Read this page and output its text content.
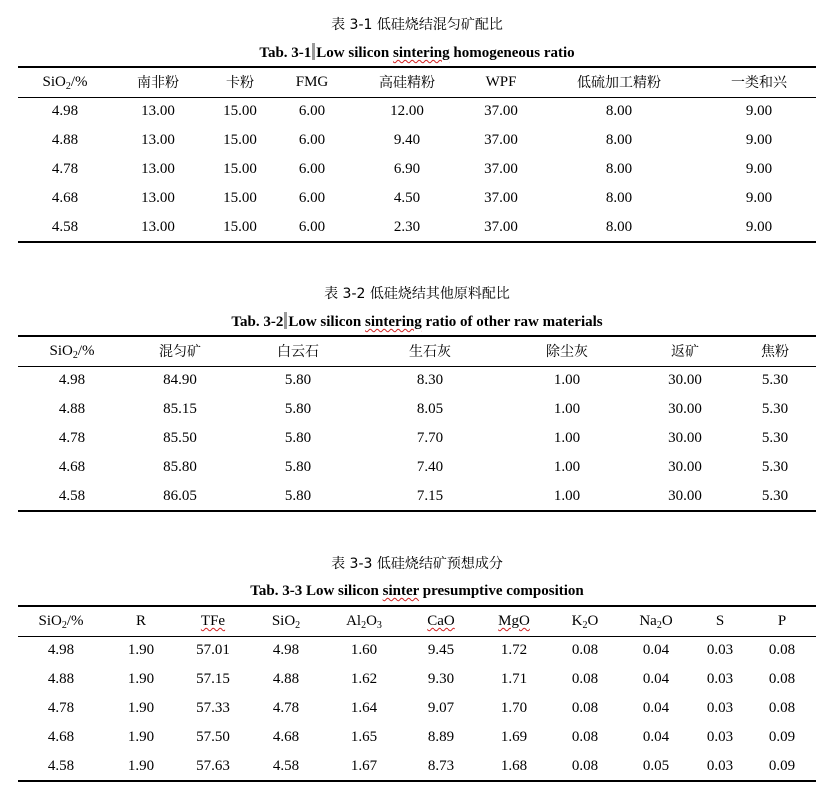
表 3-1 低硅烧结混匀矿配比
Tab. 3-1 Low silicon sintering homogeneous ratio
SiO$_2$/%	南非粉	卡粉	FMG	高硅精粉	WPF	低硫加工精粉	一类和兴
4.98	13.00	15.00	6.00	12.00	37.00	8.00	9.00
4.88	13.00	15.00	6.00	9.40	37.00	8.00	9.00
4.78	13.00	15.00	6.00	6.90	37.00	8.00	9.00
4.68	13.00	15.00	6.00	4.50	37.00	8.00	9.00
4.58	13.00	15.00	6.00	2.30	37.00	8.00	9.00
表 3-2 低硅烧结其他原料配比
Tab. 3-2 Low silicon sintering ratio of other raw materials
SiO$_2$/%	混匀矿	白云石	生石灰	除尘灰	返矿	焦粉
4.98	84.90	5.80	8.30	1.00	30.00	5.30
4.88	85.15	5.80	8.05	1.00	30.00	5.30
4.78	85.50	5.80	7.70	1.00	30.00	5.30
4.68	85.80	5.80	7.40	1.00	30.00	5.30
4.58	86.05	5.80	7.15	1.00	30.00	5.30
表 3-3 低硅烧结矿预想成分
Tab. 3-3 Low silicon sinter presumptive composition
SiO$_2$/%	R	TFe	SiO$_2$	$Al_2O_3$	CaO	MgO	$K_2O$	$Na_2O$	S	P
4.98	1.90	57.01	4.98	1.60	9.45	1.72	0.08	0.04	0.03	0.08
4.88	1.90	57.15	4.88	1.62	9.30	1.71	0.08	0.04	0.03	0.08
4.78	1.90	57.33	4.78	1.64	9.07	1.70	0.08	0.04	0.03	0.08
4.68	1.90	57.50	4.68	1.65	8.89	1.69	0.08	0.04	0.03	0.09
4.58	1.90	57.63	4.58	1.67	8.73	1.68	0.08	0.05	0.03	0.09
